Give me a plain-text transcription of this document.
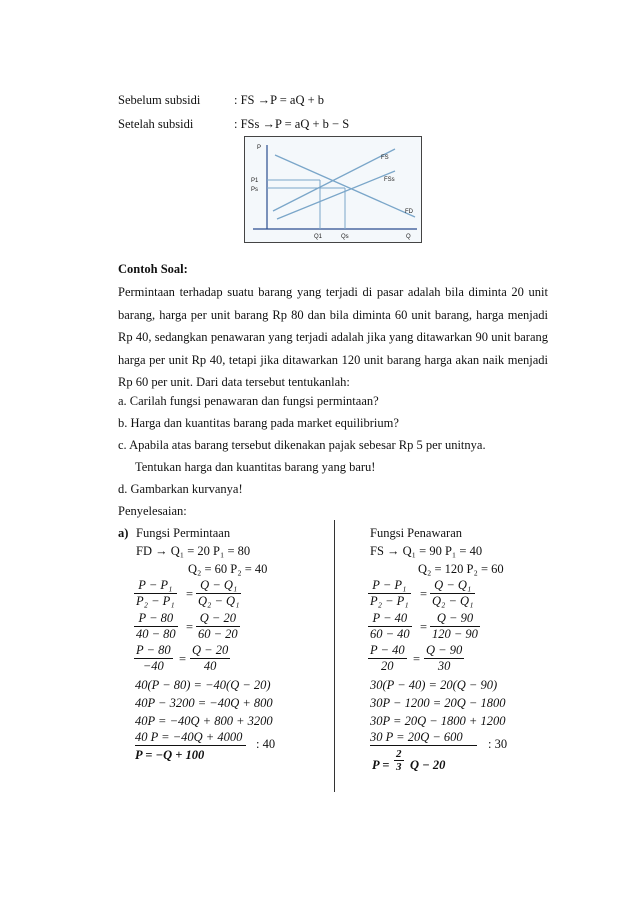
Sebelum subsidi	: FS →P = aQ + b
Setelah subsidi	: FSs →P = aQ + b − S
P
P1
Ps
Q1	Qs	Q
FS
FSs
FD
Contoh Soal:
Permintaan terhadap suatu barang yang terjadi di pasar adalah bila diminta 20 unit barang, harga per unit barang Rp 80 dan bila diminta 60 unit barang, harga menjadi Rp 40, sedangkan penawaran yang terjadi adalah jika yang ditawarkan 90 unit barang harga per unit Rp 40, tetapi jika ditawarkan 120 unit barang harga akan naik menjadi Rp 60 per unit. Dari data tersebut tentukanlah:
a. Carilah fungsi penawaran dan fungsi permintaan?
b. Harga dan kuantitas barang pada market equilibrium?
c. Apabila atas barang tersebut dikenakan pajak sebesar Rp 5 per unitnya.
Tentukan harga dan kuantitas barang yang baru!
d. Gambarkan kurvanya!
Penyelesaian:
a) Fungsi Permintaan
FD → Q₁ = 20 P₁ = 80
Q₂ = 60 P₂ = 40
$\frac{\text{P − P₁}}{\text{P₂ − P₁}} = \frac{\text{Q − Q₁}}{\text{Q₂ − Q₁}}$
$\frac{P - 80}{40 - 80} = \frac{Q - 20}{60 - 20}$
$\frac{P - 80}{-40} = \frac{Q - 20}{40}$
40(P − 80) = −40(Q − 20)
40P − 3200 = −40Q + 800
40P = −40Q + 800 + 3200
40 P = −40Q + 4000	: 40
P = −Q + 100
Fungsi Penawaran
FS → Q₁ = 90 P₁ = 40
Q₂ = 120 P₂ = 60
$\frac{\text{P − P₁}}{\text{P₂ − P₁}} = \frac{\text{Q − Q₁}}{\text{Q₂ − Q₁}}$
$\frac{P - 40}{60 - 40} = \frac{Q - 90}{120 - 90}$
$\frac{P - 40}{20} = \frac{Q - 90}{30}$
30(P − 40) = 20(Q − 90)
30P − 1200 = 20Q − 1800
30P = 20Q − 1800 + 1200
30 P = 20Q − 600	: 30
$P = \frac{2}{3}$ Q − 20
